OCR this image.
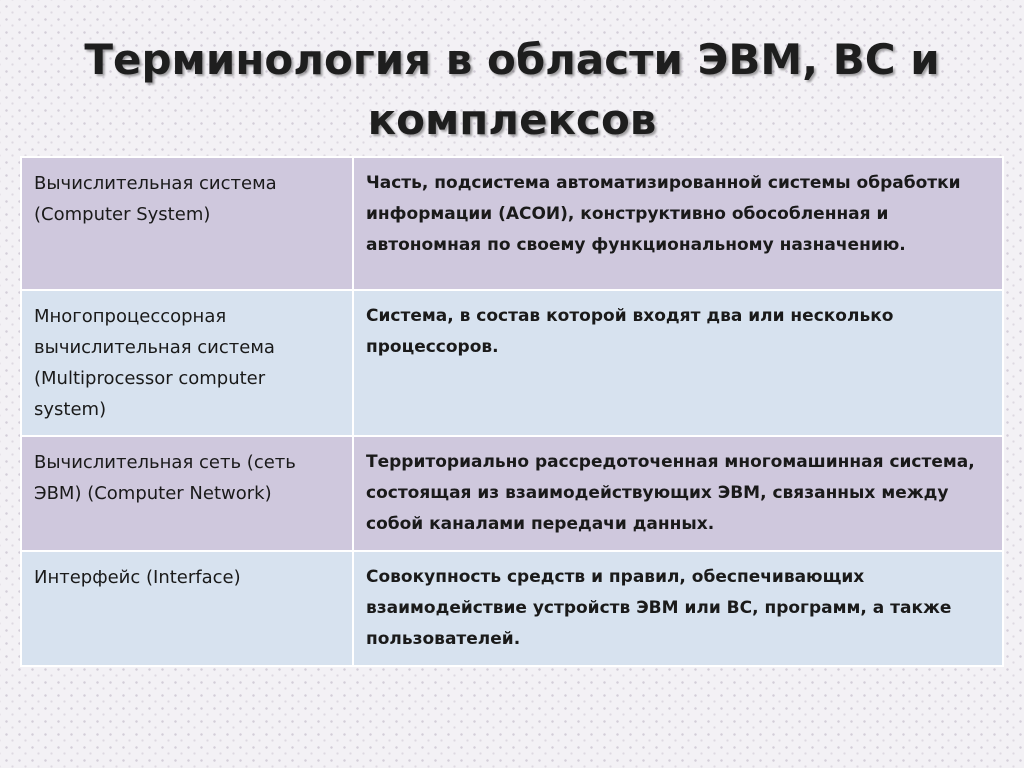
Терминология в области ЭВМ, ВС и комплексов
Вычислительная система (Computer System)	Часть, подсистема автоматизированной системы обработки информации (АСОИ), конструктивно обособленная и автономная по своему функциональному назначению.
Многопроцессорная вычислительная система (Multiprocessor computer system)	Система, в состав которой входят два или несколько процессоров.
Вычислительная сеть (сеть ЭВМ) (Computer Network)	Территориально рассредоточенная многомашинная система, состоящая из взаимодействующих ЭВМ, связанных между собой каналами передачи данных.
Интерфейс (Interface)	Совокупность средств и правил, обеспечивающих взаимодействие устройств ЭВМ или ВС, программ, а также пользователей.
